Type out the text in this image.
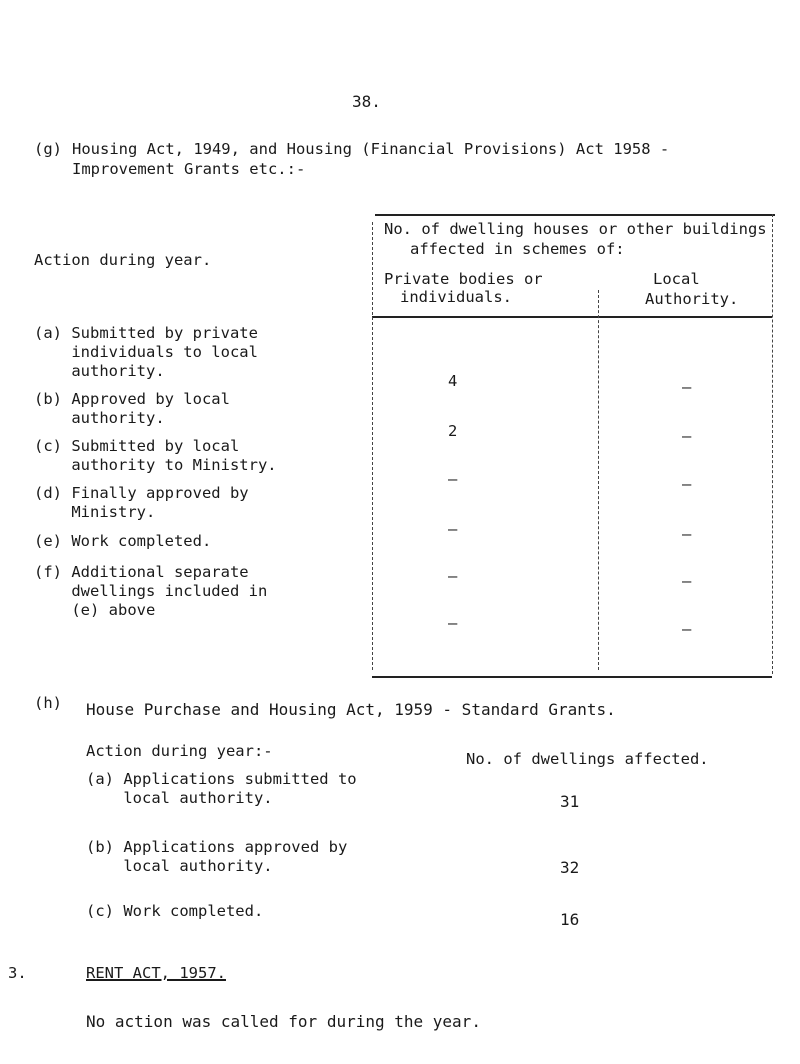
38.
(g) Housing Act, 1949, and Housing (Financial Provisions) Act 1958 -
Improvement Grants etc.:-
Action during year.
No. of dwelling houses or other buildings
affected in schemes of:
Private bodies or
individuals.
Local
Authority.
(a) Submitted by private
individuals to local
authority.
(b) Approved by local
authority.
(c) Submitted by local
authority to Ministry.
(d) Finally approved by
Ministry.
(e) Work completed.
(f) Additional separate
dwellings included in
(e) above
4
2
–
–
–
–
–
–
–
–
–
–
(h) House Purchase and Housing Act, 1959 - Standard Grants.
Action during year:-	No. of dwellings affected.
(a) Applications submitted to
local authority.
(b) Applications approved by
local authority.
(c) Work completed.
31
32
16
3.	RENT ACT, 1957.
No action was called for during the year.
